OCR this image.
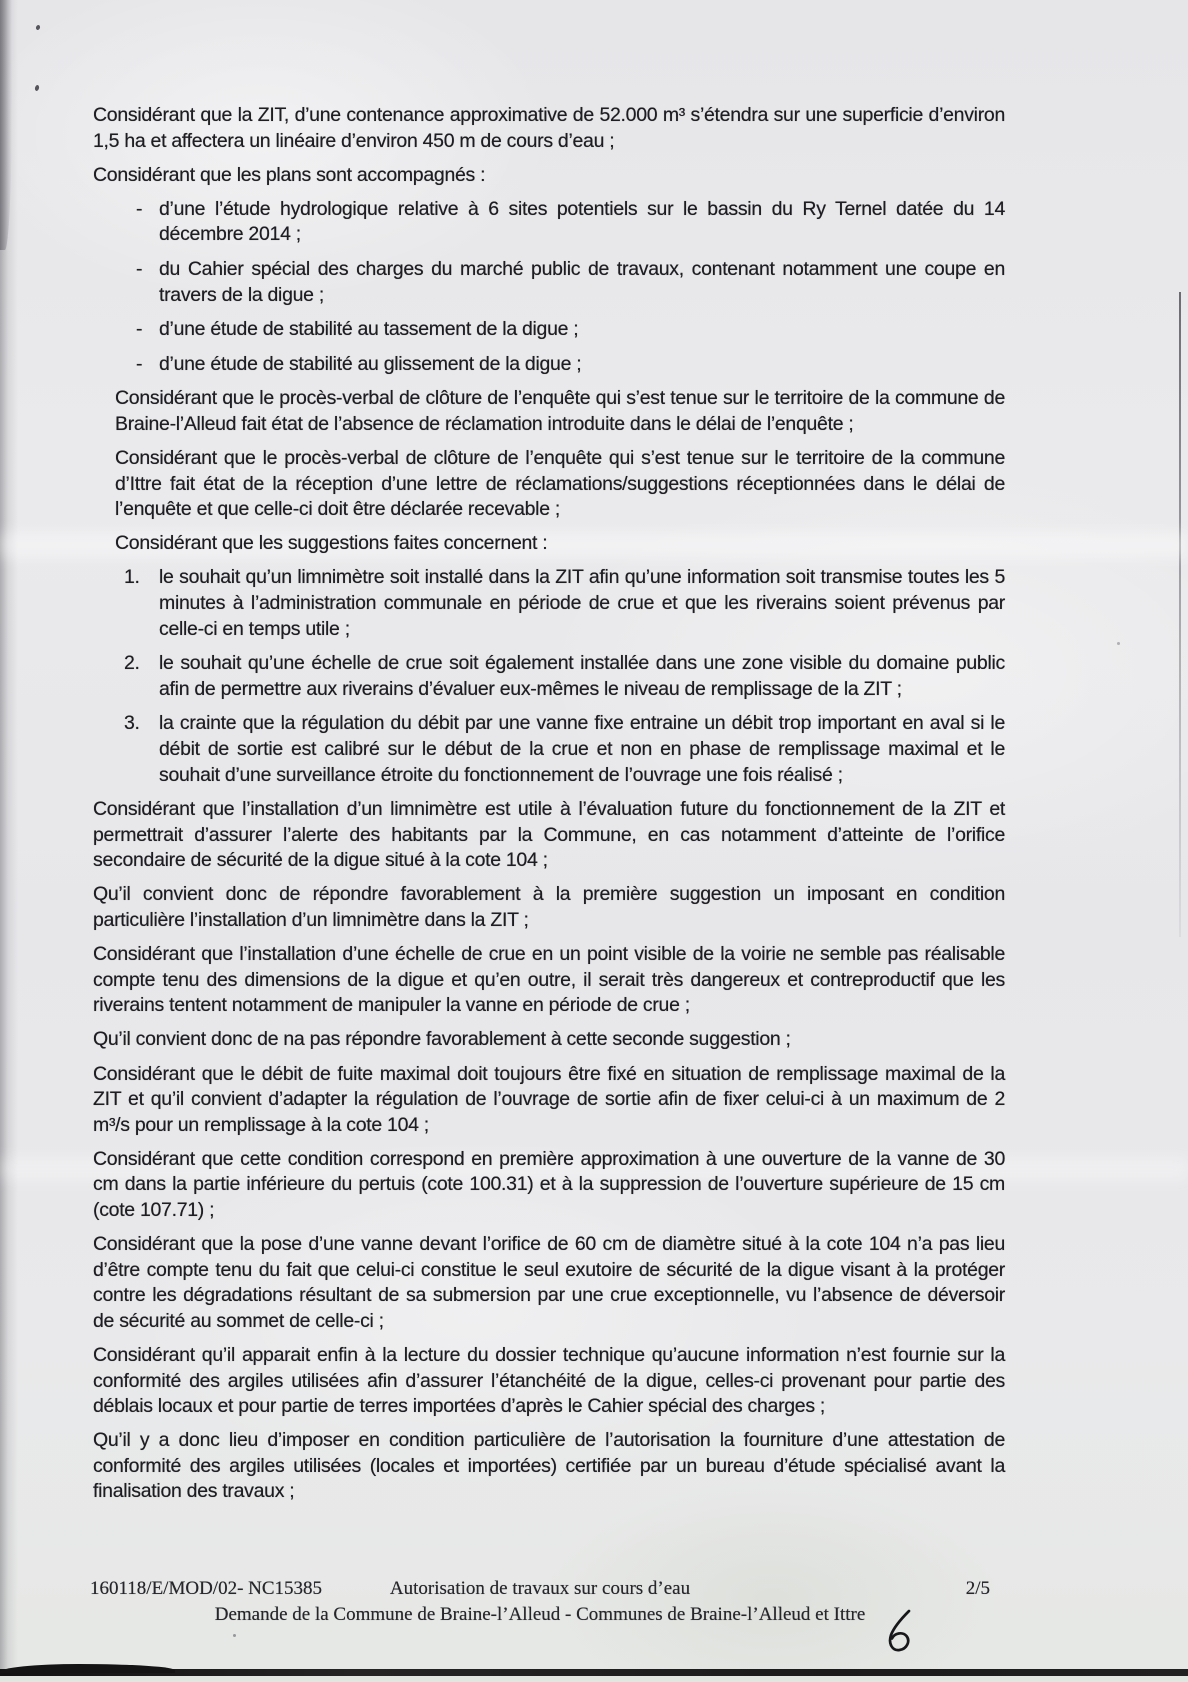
Considérant que la ZIT, d’une contenance approximative de 52.000 m³ s’étendra sur une superficie d’environ 1,5 ha et affectera un linéaire d’environ 450 m de cours d’eau ;

Considérant que les plans sont accompagnés :

- d’une l’étude hydrologique relative à 6 sites potentiels sur le bassin du Ry Ternel datée du 14 décembre 2014 ;
- du Cahier spécial des charges du marché public de travaux, contenant notamment une coupe en travers de la digue ;
- d’une étude de stabilité au tassement de la digue ;
- d’une étude de stabilité au glissement de la digue ;

Considérant que le procès-verbal de clôture de l’enquête qui s’est tenue sur le territoire de la commune de Braine-l’Alleud fait état de l’absence de réclamation introduite dans le délai de l’enquête ;

Considérant que le procès-verbal de clôture de l’enquête qui s’est tenue sur le territoire de la commune d’Ittre fait état de la réception d’une lettre de réclamations/suggestions réceptionnées dans le délai de l’enquête et que celle-ci doit être déclarée recevable ;

Considérant que les suggestions faites concernent :

1. le souhait qu’un limnimètre soit installé dans la ZIT afin qu’une information soit transmise toutes les 5 minutes à l’administration communale en période de crue et que les riverains soient prévenus par celle-ci en temps utile ;
2. le souhait qu’une échelle de crue soit également installée dans une zone visible du domaine public afin de permettre aux riverains d’évaluer eux-mêmes le niveau de remplissage de la ZIT ;
3. la crainte que la régulation du débit par une vanne fixe entraine un débit trop important en aval si le débit de sortie est calibré sur le début de la crue et non en phase de remplissage maximal et le souhait d’une surveillance étroite du fonctionnement de l’ouvrage une fois réalisé ;

Considérant que l’installation d’un limnimètre est utile à l’évaluation future du fonctionnement de la ZIT et permettrait d’assurer l’alerte des habitants par la Commune, en cas notamment d’atteinte de l’orifice secondaire de sécurité de la digue situé à la cote 104 ;

Qu’il convient donc de répondre favorablement à la première suggestion un imposant en condition particulière l’installation d’un limnimètre dans la ZIT ;

Considérant que l’installation d’une échelle de crue en un point visible de la voirie ne semble pas réalisable compte tenu des dimensions de la digue et qu’en outre, il serait très dangereux et contreproductif que les riverains tentent notamment de manipuler la vanne en période de crue ;

Qu’il convient donc de na pas répondre favorablement à cette seconde suggestion ;

Considérant que le débit de fuite maximal doit toujours être fixé en situation de remplissage maximal de la ZIT et qu’il convient d’adapter la régulation de l’ouvrage de sortie afin de fixer celui-ci à un maximum de 2 m³/s pour un remplissage à la cote 104 ;

Considérant que cette condition correspond en première approximation à une ouverture de la vanne de 30 cm dans la partie inférieure du pertuis (cote 100.31) et à la suppression de l’ouverture supérieure de 15 cm (cote 107.71) ;

Considérant que la pose d’une vanne devant l’orifice de 60 cm de diamètre situé à la cote 104 n’a pas lieu d’être compte tenu du fait que celui-ci constitue le seul exutoire de sécurité de la digue visant à la protéger contre les dégradations résultant de sa submersion par une crue exceptionnelle, vu l’absence de déversoir de sécurité au sommet de celle-ci ;

Considérant qu’il apparait enfin à la lecture du dossier technique qu’aucune information n’est fournie sur la conformité des argiles utilisées afin d’assurer l’étanchéité de la digue, celles-ci provenant pour partie des déblais locaux et pour partie de terres importées d’après le Cahier spécial des charges ;

Qu’il y a donc lieu d’imposer en condition particulière de l’autorisation la fourniture d’une attestation de conformité des argiles utilisées (locales et importées) certifiée par un bureau d’étude spécialisé avant la finalisation des travaux ;

160118/E/MOD/02- NC15385	Autorisation de travaux sur cours d’eau	2/5
Demande de la Commune de Braine-l’Alleud - Communes de Braine-l’Alleud et Ittre
